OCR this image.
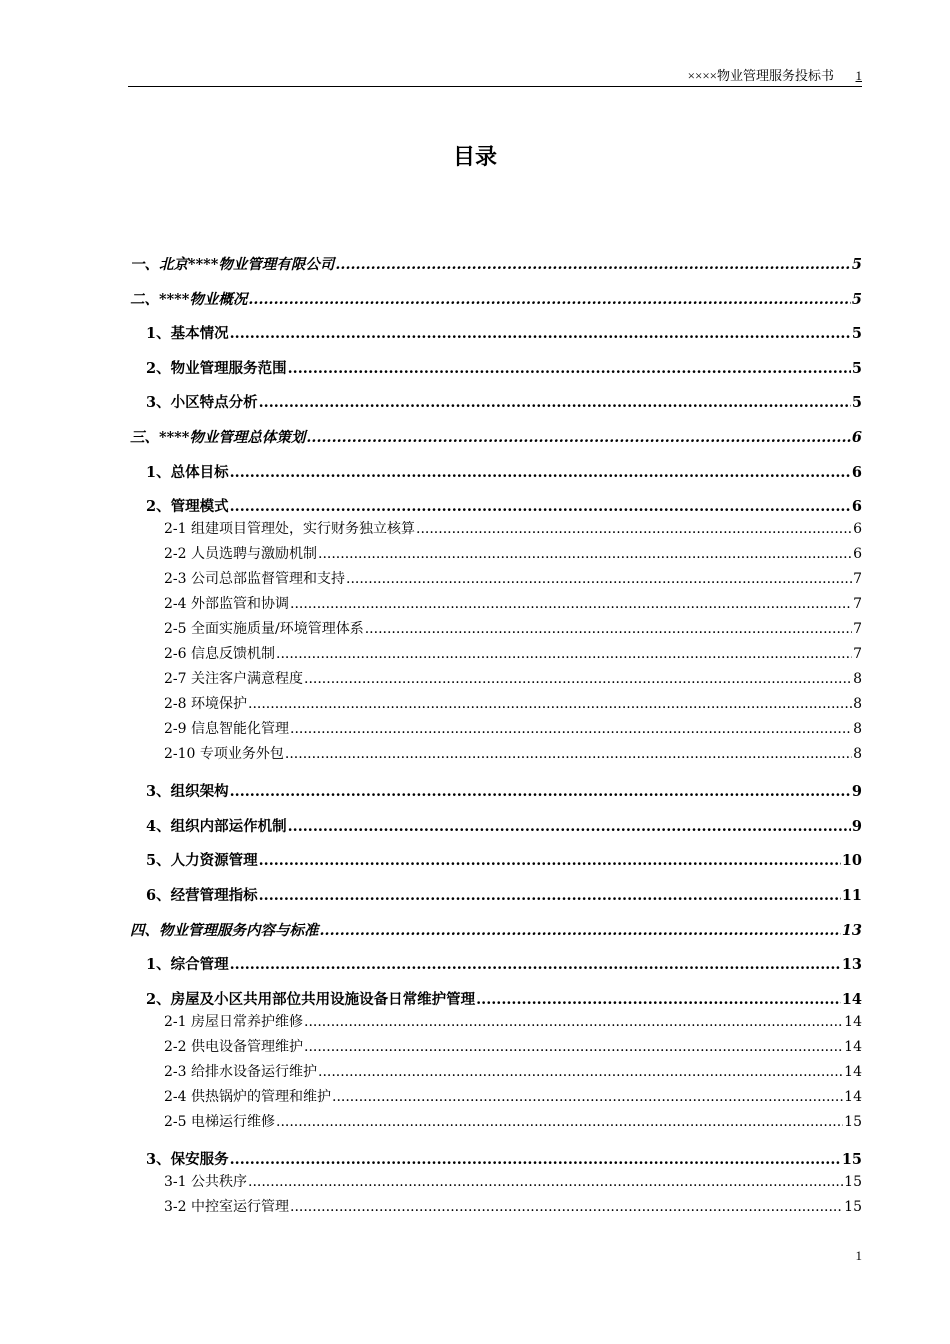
××××物业管理服务投标书 1
目录
一、北京****物业管理有限公司 .....	5
二、****物业概况 .....	5
1、基本情况 .....	5
2、物业管理服务范围 .....	5
3、小区特点分析 .....	5
三、****物业管理总体策划 .....	6
1、总体目标 .....	6
2、管理模式 .....	6
2-1 组建项目管理处，实行财务独立核算 .....	6
2-2 人员选聘与激励机制 .....	6
2-3 公司总部监督管理和支持 .....	7
2-4 外部监管和协调 .....	7
2-5 全面实施质量/环境管理体系 .....	7
2-6 信息反馈机制 .....	7
2-7 关注客户满意程度 .....	8
2-8 环境保护 .....	8
2-9 信息智能化管理 .....	8
2-10 专项业务外包 .....	8
3、组织架构 .....	9
4、组织内部运作机制 .....	9
5、人力资源管理 .....	10
6、经营管理指标 .....	11
四、物业管理服务内容与标准 .....	13
1、综合管理 .....	13
2、房屋及小区共用部位共用设施设备日常维护管理 .....	14
2-1 房屋日常养护维修 .....	14
2-2 供电设备管理维护 .....	14
2-3 给排水设备运行维护 .....	14
2-4 供热锅炉的管理和维护 .....	14
2-5 电梯运行维修 .....	15
3、保安服务 .....	15
3-1 公共秩序 .....	15
3-2 中控室运行管理 .....	15
1
